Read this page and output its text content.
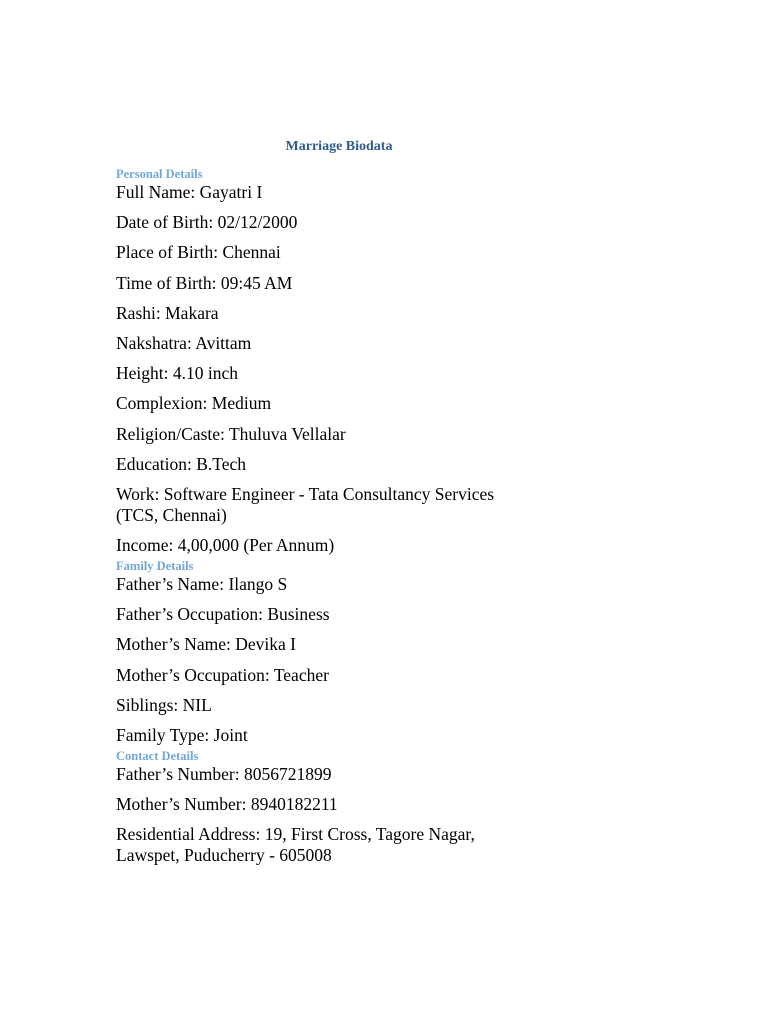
Marriage Biodata
Personal Details

Full Name : Gayatri I

Date of Birth : 02/12/2000

Place of Birth : Chennai

Time of Birth : 09:45 AM

Rashi : Makara

Nakshatra : Avittam

Height : 4.10 inch

Complexion : Medium

Religion/Caste : Thuluva Vellalar

Education : B.Tech

Work : Software Engineer - Tata Consultancy Services (TCS, Chennai)

Income : 4,00,000 (Per Annum)

Family Details

Father’s Name : Ilango S

Father’s Occupation : Business

Mother’s Name : Devika I

Mother’s Occupation : Teacher

Siblings : NIL

Family Type : Joint

Contact Details

Father’s Number : 8056721899

Mother’s Number : 8940182211

Residential Address : 19, First Cross, Tagore Nagar, Lawspet, Puducherry - 605008
